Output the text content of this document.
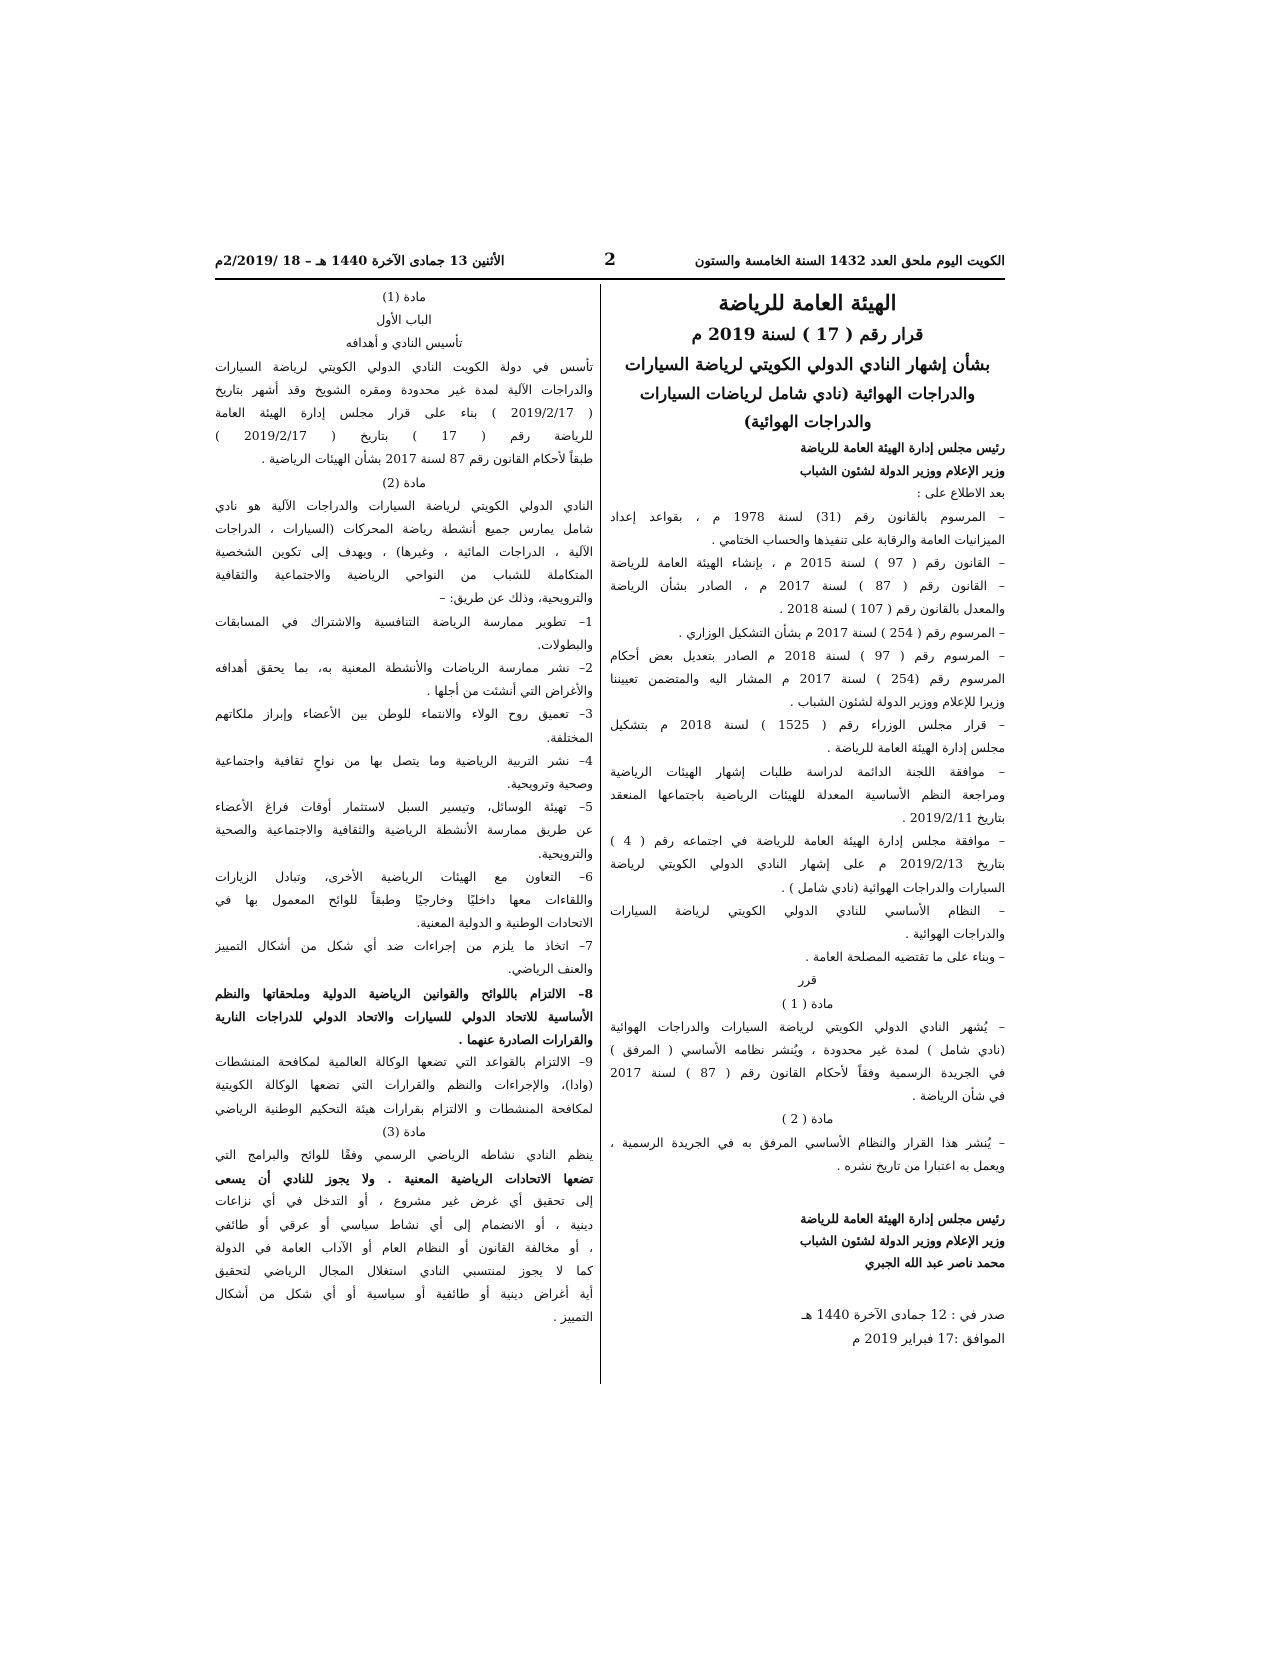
الكويت اليوم ملحق العدد 1432 السنة الخامسة والستون
2
الأثنين 13 جمادى الآخرة 1440 هـ – 18 /2/2019م
الهيئة العامة للرياضة
قرار رقم ( 17 ) لسنة 2019 م
بشأن إشهار النادي الدولي الكويتي لرياضة السيارات
والدراجات الهوائية (نادي شامل لرياضات السيارات
والدراجات الهوائية)
رئيس مجلس إدارة الهيئة العامة للرياضة
وزير الإعلام ووزير الدولة لشئون الشباب
بعد الاطلاع على :
– المرسوم بالقانون رقم (31) لسنة 1978 م ، بقواعد إعداد
الميزانيات العامة والرقابة على تنفيذها والحساب الختامي .
– القانون رقم ( 97 ) لسنة 2015 م ، بإنشاء الهيئة العامة للرياضة
– القانون رقم ( 87 ) لسنة 2017 م ، الصادر بشأن الرياضة
والمعدل بالقانون رقم ( 107 ) لسنة 2018 .
– المرسوم رقم ( 254 ) لسنة 2017 م بشأن التشكيل الوزاري .
– المرسوم رقم ( 97 ) لسنة 2018 م الصادر بتعديل بعض أحكام
المرسوم رقم (254 ) لسنة 2017 م المشار اليه والمتضمن تعييننا
وزيرا للإعلام ووزير الدولة لشئون الشباب .
– قرار مجلس الوزراء رقم ( 1525 ) لسنة 2018 م بتشكيل
مجلس إدارة الهيئة العامة للرياضة .
– موافقة اللجنة الدائمة لدراسة طلبات إشهار الهيئات الرياضية
ومراجعة النظم الأساسية المعدلة للهيئات الرياضية باجتماعها المنعقد
بتاريخ 2019/2/11 .
– موافقة مجلس إدارة الهيئة العامة للرياضة في اجتماعه رقم ( 4 )
بتاريخ 2019/2/13 م على إشهار النادي الدولي الكويتي لرياضة
السيارات والدراجات الهوائية (نادي شامل ) .
– النظام الأساسي للنادي الدولي الكويتي لرياضة السيارات
والدراجات الهوائية .
– وبناء على ما تقتضيه المصلحة العامة .
قرر
مادة ( 1 )
– يُشهر النادي الدولي الكويتي لرياضة السيارات والدراجات الهوائية
(نادي شامل ) لمدة غير محدودة ، ويُنشر نظامه الأساسي ( المرفق )
في الجريدة الرسمية وفقاً لأحكام القانون رقم ( 87 ) لسنة 2017
في شأن الرياضة .
مادة ( 2 )
– يُنشر هذا القرار والنظام الأساسي المرفق به في الجريدة الرسمية ،
ويعمل به اعتبارا من تاريخ نشره .
رئيس مجلس إدارة الهيئة العامة للرياضة
وزير الإعلام ووزير الدولة لشئون الشباب
محمد ناصر عبد الله الجبري
صدر في : 12 جمادى الآخرة 1440 هـ
الموافق :17 فبراير 2019 م
مادة (1)
الباب الأول
تأسيس النادي و أهدافه
تأسس في دولة الكويت النادي الدولي الكويتي لرياضة السيارات
والدراجات الآلية لمدة غير محدودة ومقره الشويخ وقد أشهر بتاريخ
( 2019/2/17 ) بناء على قرار مجلس إدارة الهيئة العامة
للرياضة رقم ( 17 ) بتاريخ ( 2019/2/17 )
طبقاً لأحكام القانون رقم 87 لسنة 2017 بشأن الهيئات الرياضية .
مادة (2)
النادي الدولي الكويتي لرياضة السيارات والدراجات الآلية هو نادي
شامل يمارس جميع أنشطة رياضة المحركات (السيارات ، الدراجات
الآلية ، الدراجات المائية ، وغيرها) ، ويهدف إلى تكوين الشخصية
المتكاملة للشباب من النواحي الرياضية والاجتماعية والثقافية
والترويحية، وذلك عن طريق: –
1– تطوير ممارسة الرياضة التنافسية والاشتراك في المسابقات
والبطولات.
2– نشر ممارسة الرياضات والأنشطة المعنية به، بما يحقق أهدافه
والأغراض التي أنشئت من أجلها .
3– تعميق روح الولاء والانتماء للوطن بين الأعضاء وإبراز ملكاتهم
المختلفة.
4– نشر التربية الرياضية وما يتصل بها من نواحٍ ثقافية واجتماعية
وصحية وترويحية.
5– تهيئة الوسائل، وتيسير السبل لاستثمار أوقات فراغ الأعضاء
عن طريق ممارسة الأنشطة الرياضية والثقافية والاجتماعية والصحية
والترويحية.
6– التعاون مع الهيئات الرياضية الأخرى، وتبادل الزيارات
واللقاءات معها داخليًا وخارجيًا وطبقاً للوائح المعمول بها في
الاتحادات الوطنية و الدولية المعنية.
7– اتخاذ ما يلزم من إجراءات ضد أي شكل من أشكال التمييز
والعنف الرياضي.
8– الالتزام باللوائح والقوانين الرياضية الدولية وملحقاتها والنظم
الأساسية للاتحاد الدولي للسيارات والاتحاد الدولي للدراجات النارية
والقرارات الصادرة عنهما .
9– الالتزام بالقواعد التي تضعها الوكالة العالمية لمكافحة المنشطات
(وادا)، والإجراءات والنظم والقرارات التي تضعها الوكالة الكويتية
لمكافحة المنشطات و الالتزام بقرارات هيئة التحكيم الوطنية الرياضي
مادة (3)
ينظم النادي نشاطه الرياضي الرسمي وفقًا للوائح والبرامج التي
تضعها الاتحادات الرياضية المعنية . ولا يجوز للنادي أن يسعى
إلى تحقيق أي غرض غير مشروع ، أو التدخل في أي نزاعات
دينية ، أو الانضمام إلى أي نشاط سياسي أو عرقي أو طائفي
، أو مخالفة القانون أو النظام العام أو الآداب العامة في الدولة
كما لا يجوز لمنتسبي النادي استغلال المجال الرياضي لتحقيق
أية أغراض دينية أو طائفية أو سياسية أو أي شكل من أشكال
التمييز .
